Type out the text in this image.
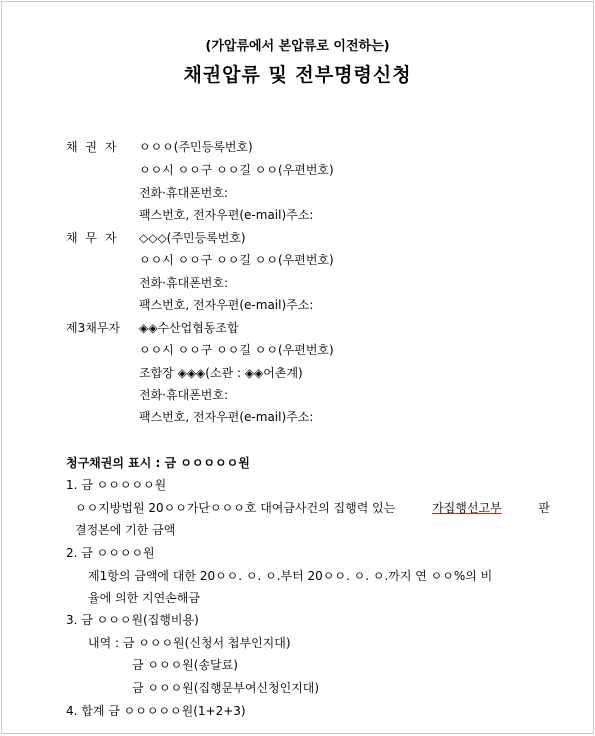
(가압류에서 본압류로 이전하는)
채권압류 및 전부명령신청
채 권 자 ㅇㅇㅇ(주민등록번호)
ㅇㅇ시 ㅇㅇ구 ㅇㅇ길 ㅇㅇ(우편번호)
전화·휴대폰번호:
팩스번호, 전자우편(e-mail)주소:
채 무 자 ◇◇◇(주민등록번호)
ㅇㅇ시 ㅇㅇ구 ㅇㅇ길 ㅇㅇ(우편번호)
전화·휴대폰번호:
팩스번호, 전자우편(e-mail)주소:
제3채무자 ◈◈수산업협동조합
ㅇㅇ시 ㅇㅇ구 ㅇㅇ길 ㅇㅇ(우편번호)
조합장 ◈◈◈(소관 : ◈◈어촌계)
전화·휴대폰번호:
팩스번호, 전자우편(e-mail)주소:
청구채권의 표시 : 금 ㅇㅇㅇㅇㅇ원
1. 금 ㅇㅇㅇㅇㅇ원
ㅇㅇ지방법원 20ㅇㅇ가단ㅇㅇㅇ호 대여금사건의 집행력 있는	가집행선고부	판
결정본에 기한 금액
2. 금 ㅇㅇㅇㅇ원
제1항의 금액에 대한 20ㅇㅇ. ㅇ. ㅇ.부터 20ㅇㅇ. ㅇ. ㅇ.까지 연 ㅇㅇ%의 비
율에 의한 지연손해금
3. 금 ㅇㅇㅇ원(집행비용)
내역 : 금 ㅇㅇㅇ원(신청서 첩부인지대)
금 ㅇㅇㅇ원(송달료)
금 ㅇㅇㅇ원(집행문부여신청인지대)
4. 합계 금 ㅇㅇㅇㅇㅇ원(1+2+3)
